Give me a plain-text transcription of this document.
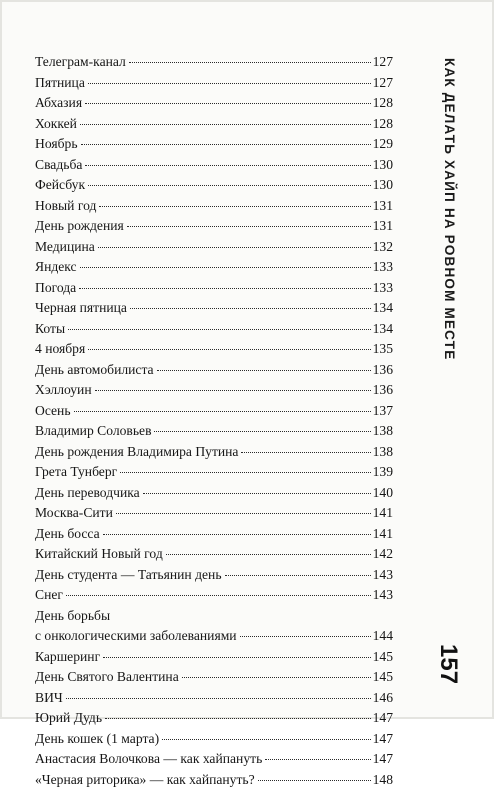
Телеграм-канал	127
Пятница	127
Абхазия	128
Хоккей	128
Ноябрь	129
Свадьба	130
Фейсбук	130
Новый год	131
День рождения	131
Медицина	132
Яндекс	133
Погода	133
Черная пятница	134
Коты	134
4 ноября	135
День автомобилиста	136
Хэллоуин	136
Осень	137
Владимир Соловьев	138
День рождения Владимира Путина	138
Грета Тунберг	139
День переводчика	140
Москва-Сити	141
День босса	141
Китайский Новый год	142
День студента — Татьянин день	143
Снег	143
День борьбы
с онкологическими заболеваниями	144
Каршеринг	145
День Святого Валентина	145
ВИЧ	146
Юрий Дудь	147
День кошек (1 марта)	147
Анастасия Волочкова — как хайпануть	147
«Черная риторика» — как хайпануть?	148
КАК ДЕЛАТЬ ХАЙП НА РОВНОМ МЕСТЕ
157
